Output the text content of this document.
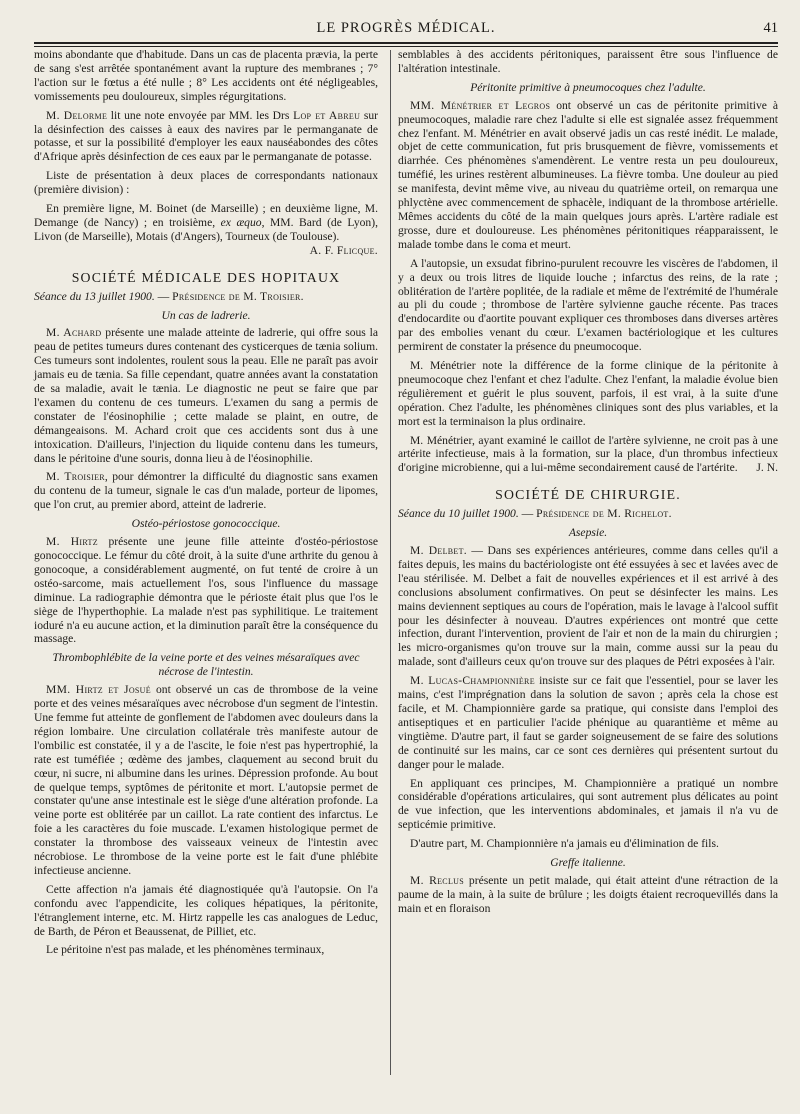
LE PROGRÈS MÉDICAL.	41

moins abondante que d'habitude. Dans un cas de placenta prævia, la perte de sang s'est arrêtée spontanément avant la rupture des membranes ; 7° l'action sur le fœtus a été nulle ; 8° Les accidents ont été négligeables, vomissements peu douloureux, simples régurgitations.

M. Delorme lit une note envoyée par MM. les Drs Lop et Abreu sur la désinfection des caisses à eaux des navires par le permanganate de potasse, et sur la possibilité d'employer les eaux nauséabondes des côtes d'Afrique après désinfection de ces eaux par le permanganate de potasse.

Liste de présentation à deux places de correspondants nationaux (première division) :

En première ligne, M. Boinet (de Marseille) ; en deuxième ligne, M. Demange (de Nancy) ; en troisième, ex æquo, MM. Bard (de Lyon), Livon (de Marseille), Motais (d'Angers), Tourneux (de Toulouse).
A. F. Flicque.

SOCIÉTÉ MÉDICALE DES HOPITAUX

Séance du 13 juillet 1900. — Présidence de M. Troisier.

Un cas de ladrerie.

M. Achard présente une malade atteinte de ladrerie, qui offre sous la peau de petites tumeurs dures contenant des cysticerques de tænia solium. Ces tumeurs sont indolentes, roulent sous la peau. Elle ne paraît pas avoir jamais eu de tænia. Sa fille cependant, quatre années avant la constatation de sa maladie, avait le tænia. Le diagnostic ne peut se faire que par l'examen du contenu de ces tumeurs. L'examen du sang a permis de constater de l'éosinophilie ; cette malade se plaint, en outre, de démangeaisons. M. Achard croit que ces accidents sont dus à une intoxication. D'ailleurs, l'injection du liquide contenu dans les tumeurs, dans le péritoine d'une souris, donna lieu à de l'éosinophilie.

M. Troisier, pour démontrer la difficulté du diagnostic sans examen du contenu de la tumeur, signale le cas d'un malade, porteur de lipomes, que l'on crut, au premier abord, atteint de ladrerie.

Ostéo-périostose gonococcique.

M. Hirtz présente une jeune fille atteinte d'ostéo-périostose gonococcique. Le fémur du côté droit, à la suite d'une arthrite du genou à gonocoque, a considérablement augmenté, on fut tenté de croire à un ostéo-sarcome, mais actuellement l'os, sous l'influence du massage diminue. La radiographie démontra que le périoste était plus que l'os le siège de l'hyperthophie. La malade n'est pas syphilitique. Le traitement ioduré n'a eu aucune action, et la diminution paraît être la conséquence du massage.

Thrombophlébite de la veine porte et des veines mésaraïques avec nécrose de l'intestin.

MM. Hirtz et Josué ont observé un cas de thrombose de la veine porte et des veines mésaraïques avec nécrobose d'un segment de l'intestin. Une femme fut atteinte de gonflement de l'abdomen avec douleurs dans la région lombaire. Une circulation collatérale très manifeste autour de l'ombilic est constatée, il y a de l'ascite, le foie n'est pas hypertrophié, la rate est tuméfiée ; œdème des jambes, claquement au second bruit du cœur, ni sucre, ni albumine dans les urines. Dépression profonde. Au bout de quelque temps, syptômes de péritonite et mort. L'autopsie permet de constater qu'une anse intestinale est le siège d'une altération profonde. La veine porte est oblitérée par un caillot. La rate contient des infarctus. Le foie a les caractères du foie muscade. L'examen histologique permet de constater la thrombose des vaisseaux veineux de l'intestin avec nécrobiose. Le thrombose de la veine porte est le fait d'une phlébite infectieuse ancienne.

Cette affection n'a jamais été diagnostiquée qu'à l'autopsie. On l'a confondu avec l'appendicite, les coliques hépatiques, la péritonite, l'étranglement interne, etc. M. Hirtz rappelle les cas analogues de Leduc, de Barth, de Péron et Beaussenat, de Pilliet, etc.

Le péritoine n'est pas malade, et les phénomènes terminaux,

semblables à des accidents péritoniques, paraissent être sous l'influence de l'altération intestinale.

Péritonite primitive à pneumocoques chez l'adulte.

MM. Ménétrier et Legros ont observé un cas de péritonite primitive à pneumocoques, maladie rare chez l'adulte si elle est signalée assez fréquemment chez l'enfant. M. Ménétrier en avait observé jadis un cas resté inédit. Le malade, objet de cette communication, fut pris brusquement de fièvre, vomissements et diarrhée. Ces phénomènes s'amendèrent. Le ventre resta un peu douloureux, tuméfié, les urines restèrent albumineuses. La fièvre tomba. Une douleur au pied se manifesta, devint même vive, au niveau du quatrième orteil, on remarqua une phlyctène avec commencement de sphacèle, indiquant de la thrombose artérielle. Mêmes accidents du côté de la main quelques jours après. L'artère radiale est grosse, dure et douloureuse. Les phénomènes péritonitiques réapparaissent, le malade tombe dans le coma et meurt.

A l'autopsie, un exsudat fibrino-purulent recouvre les viscères de l'abdomen, il y a deux ou trois litres de liquide louche ; infarctus des reins, de la rate ; oblitération de l'artère poplitée, de la radiale et même de l'extrémité de l'humérale au pli du coude ; thrombose de l'artère sylvienne gauche récente. Pas traces d'endocardite ou d'aortite pouvant expliquer ces thromboses dans diverses artères par des embolies venant du cœur. L'examen bactériologique et les cultures permirent de constater la présence du pneumocoque.

M. Ménétrier note la différence de la forme clinique de la péritonite à pneumocoque chez l'enfant et chez l'adulte. Chez l'enfant, la maladie évolue bien régulièrement et guérit le plus souvent, parfois, il est vrai, à la suite d'une opération. Chez l'adulte, les phénomènes cliniques sont des plus variables, et la mort est la terminaison la plus ordinaire.

M. Ménétrier, ayant examiné le caillot de l'artère sylvienne, ne croit pas à une artérite infectieuse, mais à la formation, sur la place, d'un thrombus infectieux d'origine microbienne, qui a lui-même secondairement causé de l'artérite.	J. N.

SOCIÉTÉ DE CHIRURGIE.

Séance du 10 juillet 1900. — Présidence de M. Richelot.

Asepsie.

M. Delbet. — Dans ses expériences antérieures, comme dans celles qu'il a faites depuis, les mains du bactériologiste ont été essuyées à sec et lavées avec de l'eau stérilisée. M. Delbet a fait de nouvelles expériences et il est arrivé à des conclusions absolument confirmatives. On peut se désinfecter les mains. Les mains deviennent septiques au cours de l'opération, mais le lavage à l'alcool suffit pour les désinfecter à nouveau. D'autres expériences ont montré que cette infection, durant l'intervention, provient de l'air et non de la main du chirurgien ; les micro-organismes qu'on trouve sur la main, comme aussi sur la peau du malade, sont d'ailleurs ceux qu'on trouve sur des plaques de Pétri exposées à l'air.

M. Lucas-Championnière insiste sur ce fait que l'essentiel, pour se laver les mains, c'est l'imprégnation dans la solution de savon ; après cela la chose est facile, et M. Championnière garde sa pratique, qui consiste dans l'emploi des antiseptiques et en particulier l'acide phénique au quarantième et même au vingtième. D'autre part, il faut se garder soigneusement de se faire des solutions de continuité sur les mains, car ce sont ces dernières qui présentent surtout du danger pour le malade.

En appliquant ces principes, M. Championnière a pratiqué un nombre considérable d'opérations articulaires, qui sont autrement plus délicates au point de vue infection, que les interventions abdominales, et jamais il n'a vu de septicémie primitive.

D'autre part, M. Championnière n'a jamais eu d'élimination de fils.

Greffe italienne.

M. Reclus présente un petit malade, qui était atteint d'une rétraction de la paume de la main, à la suite de brûlure ; les doigts étaient recroquevillés dans la main et en floraison
